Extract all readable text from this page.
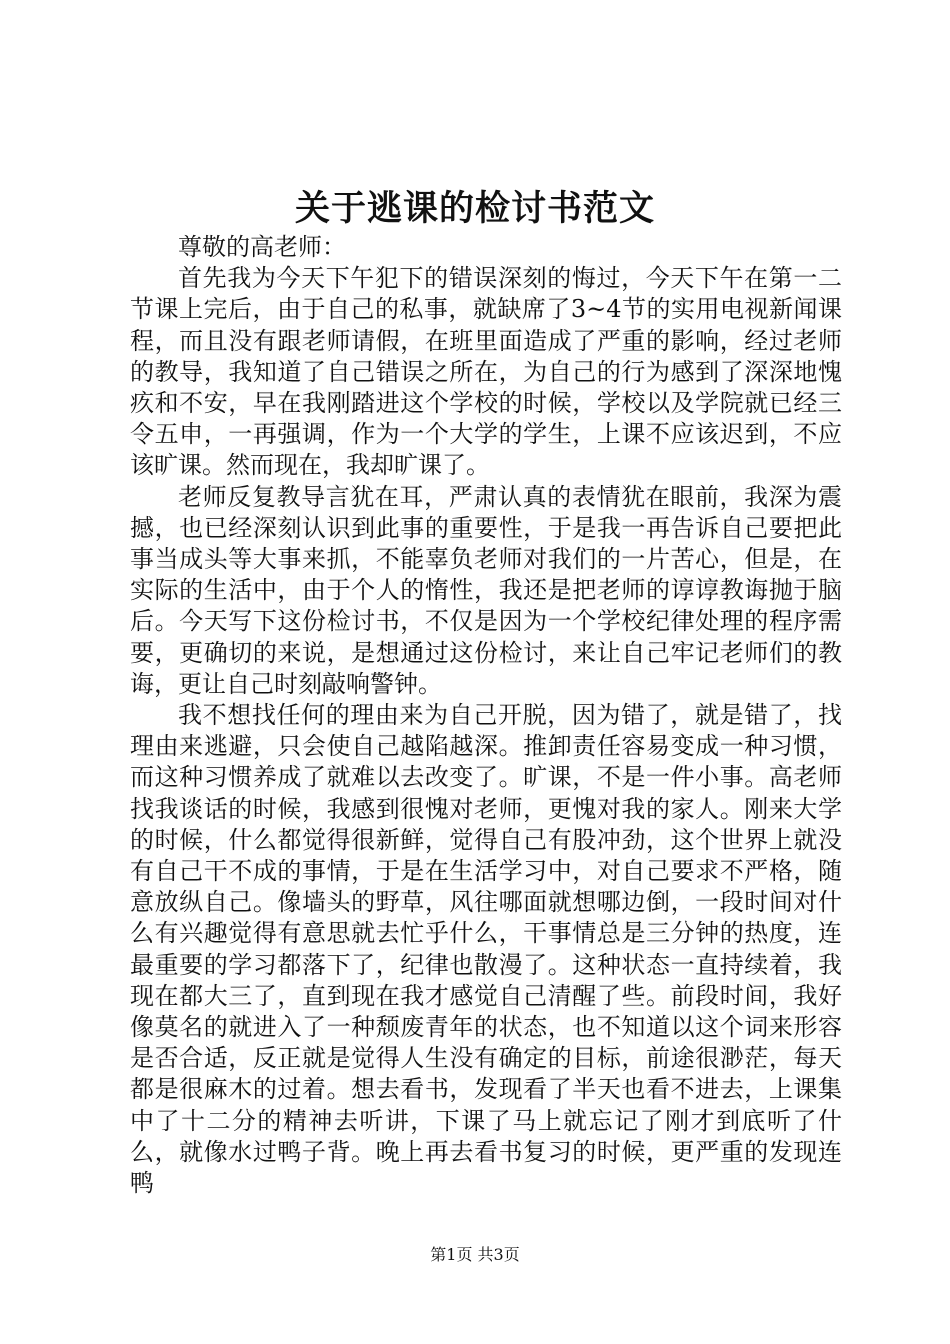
关于逃课的检讨书范文

尊敬的高老师：

首先我为今天下午犯下的错误深刻的悔过，今天下午在第一二节课上完后，由于自己的私事，就缺席了3~4节的实用电视新闻课程，而且没有跟老师请假，在班里面造成了严重的影响，经过老师的教导，我知道了自己错误之所在，为自己的行为感到了深深地愧疚和不安，早在我刚踏进这个学校的时候，学校以及学院就已经三令五申，一再强调，作为一个大学的学生，上课不应该迟到，不应该旷课。然而现在，我却旷课了。

老师反复教导言犹在耳，严肃认真的表情犹在眼前，我深为震撼，也已经深刻认识到此事的重要性，于是我一再告诉自己要把此事当成头等大事来抓，不能辜负老师对我们的一片苦心，但是，在实际的生活中，由于个人的惰性，我还是把老师的谆谆教诲抛于脑后。今天写下这份检讨书，不仅是因为一个学校纪律处理的程序需要，更确切的来说，是想通过这份检讨，来让自己牢记老师们的教诲，更让自己时刻敲响警钟。

我不想找任何的理由来为自己开脱，因为错了，就是错了，找理由来逃避，只会使自己越陷越深。推卸责任容易变成一种习惯，而这种习惯养成了就难以去改变了。旷课，不是一件小事。高老师找我谈话的时候，我感到很愧对老师，更愧对我的家人。刚来大学的时候，什么都觉得很新鲜，觉得自己有股冲劲，这个世界上就没有自己干不成的事情，于是在生活学习中，对自己要求不严格，随意放纵自己。像墙头的野草，风往哪面就想哪边倒，一段时间对什么有兴趣觉得有意思就去忙乎什么，干事情总是三分钟的热度，连最重要的学习都落下了，纪律也散漫了。这种状态一直持续着，我现在都大三了，直到现在我才感觉自己清醒了些。前段时间，我好像莫名的就进入了一种颓废青年的状态，也不知道以这个词来形容是否合适，反正就是觉得人生没有确定的目标，前途很渺茫，每天都是很麻木的过着。想去看书，发现看了半天也看不进去，上课集中了十二分的精神去听讲，下课了马上就忘记了刚才到底听了什么，就像水过鸭子背。晚上再去看书复习的时候，更严重的发现连鸭

第1页 共3页
